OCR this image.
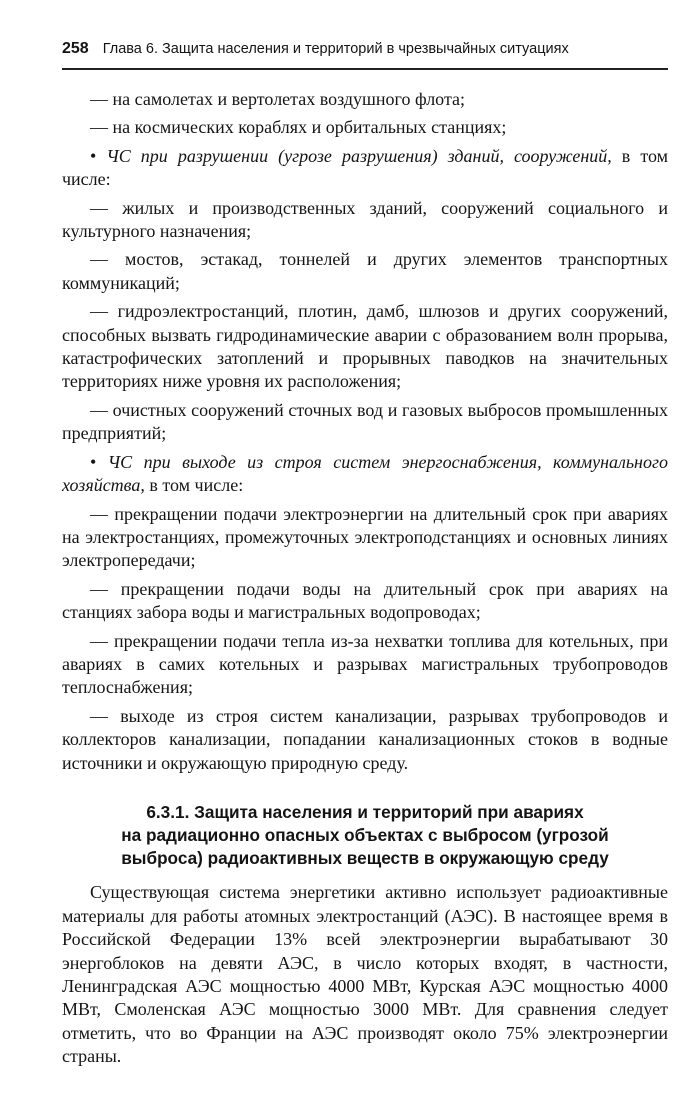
258 Глава 6. Защита населения и территорий в чрезвычайных ситуациях

— на самолетах и вертолетах воздушного флота;

— на космических кораблях и орбитальных станциях;

• ЧС при разрушении (угрозе разрушения) зданий, сооружений, в том числе:

— жилых и производственных зданий, сооружений социального и культурного назначения;

— мостов, эстакад, тоннелей и других элементов транспортных коммуникаций;

— гидроэлектростанций, плотин, дамб, шлюзов и других сооружений, способных вызвать гидродинамические аварии с образованием волн прорыва, катастрофических затоплений и прорывных паводков на значительных территориях ниже уровня их расположения;

— очистных сооружений сточных вод и газовых выбросов промышленных предприятий;

• ЧС при выходе из строя систем энергоснабжения, коммунального хозяйства, в том числе:

— прекращении подачи электроэнергии на длительный срок при авариях на электростанциях, промежуточных электроподстанциях и основных линиях электропередачи;

— прекращении подачи воды на длительный срок при авариях на станциях забора воды и магистральных водопроводах;

— прекращении подачи тепла из-за нехватки топлива для котельных, при авариях в самих котельных и разрывах магистральных трубопроводов теплоснабжения;

— выходе из строя систем канализации, разрывах трубопроводов и коллекторов канализации, попадании канализационных стоков в водные источники и окружающую природную среду.

6.3.1. Защита населения и территорий при авариях
на радиационно опасных объектах с выбросом (угрозой
выброса) радиоактивных веществ в окружающую среду

Существующая система энергетики активно использует радиоактивные материалы для работы атомных электростанций (АЭС). В настоящее время в Российской Федерации 13% всей электроэнергии вырабатывают 30 энергоблоков на девяти АЭС, в число которых входят, в частности, Ленинградская АЭС мощностью 4000 МВт, Курская АЭС мощностью 4000 МВт, Смоленская АЭС мощностью 3000 МВт. Для сравнения следует отметить, что во Франции на АЭС производят около 75% электроэнергии страны.
